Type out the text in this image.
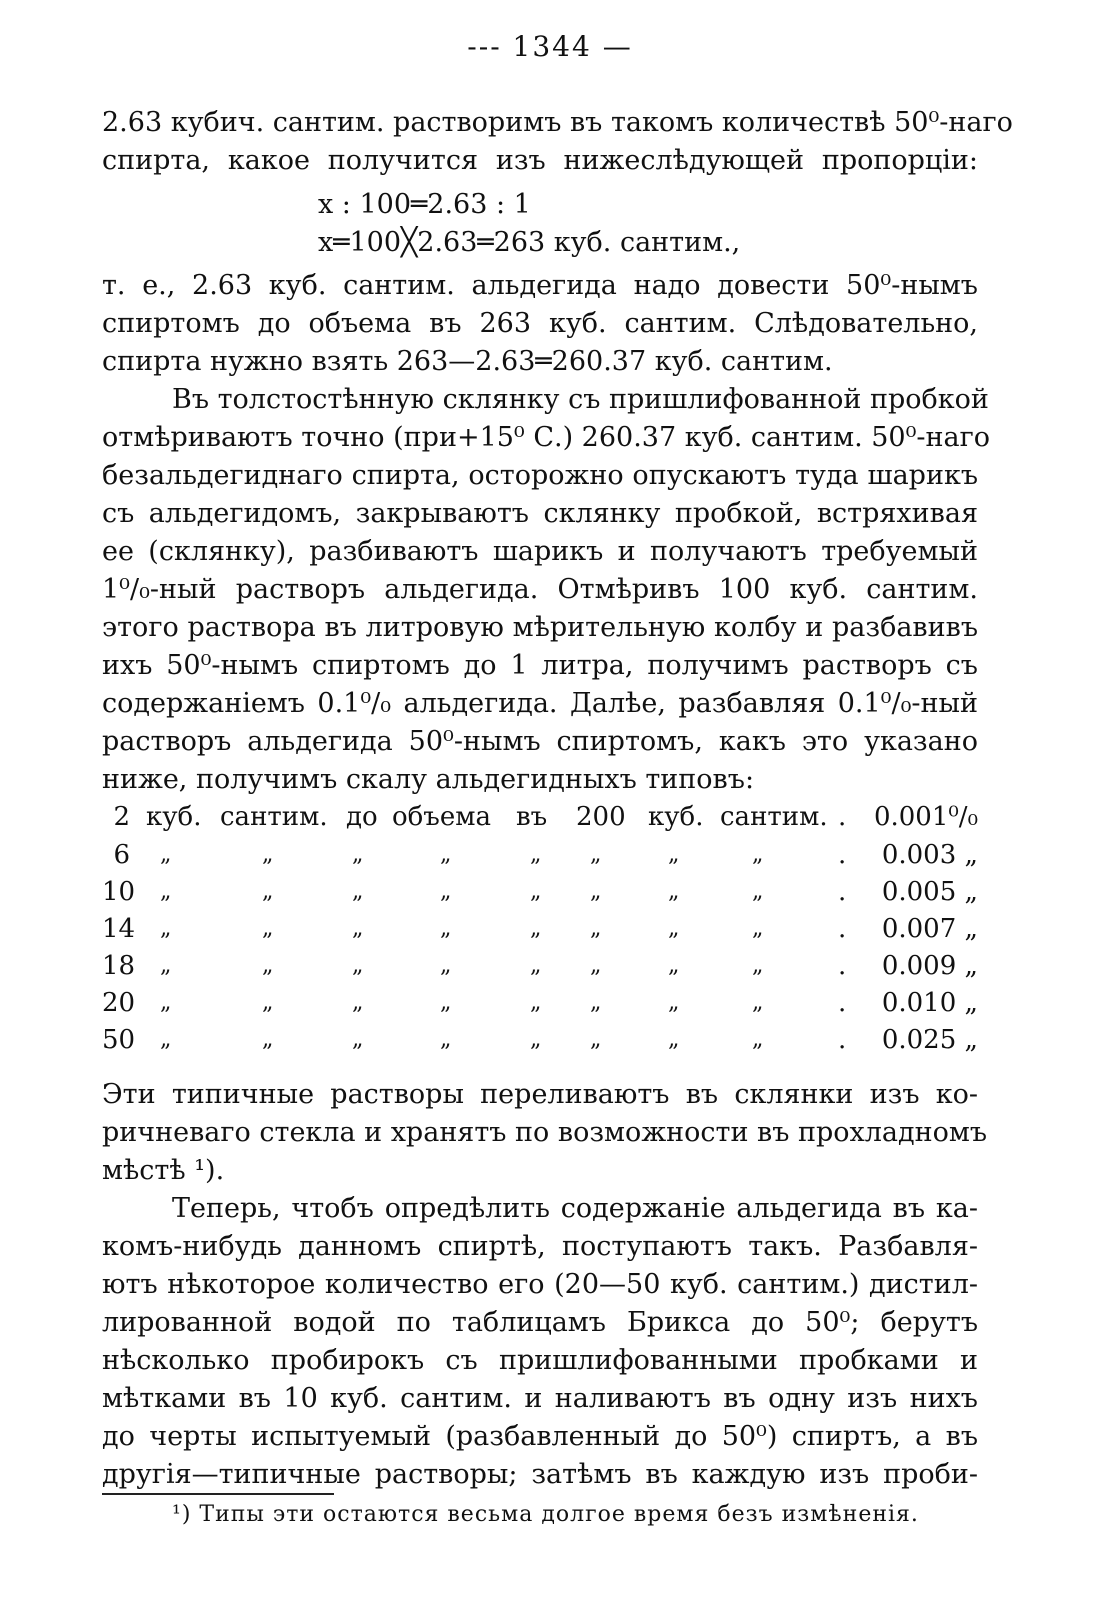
--- 1344 —
2.63 кубич. сантим. растворимъ въ такомъ количествѣ 50⁰-наго
спирта, какое получится изъ нижеслѣдующей пропорціи:
x : 100═2.63 : 1
x═100╳2.63═263 куб. сантим.,
т. е., 2.63 куб. сантим. альдегида надо довести 50⁰-нымъ
спиртомъ до объема въ 263 куб. сантим. Слѣдовательно,
спирта нужно взять 263—2.63═260.37 куб. сантим.
Въ толстостѣнную склянку съ пришлифованной пробкой
отмѣриваютъ точно (при+15⁰ С.) 260.37 куб. сантим. 50⁰-наго
безальдегиднаго спирта, осторожно опускаютъ туда шарикъ
съ альдегидомъ, закрываютъ склянку пробкой, встряхивая
ее (склянку), разбиваютъ шарикъ и получаютъ требуемый
1⁰/₀-ный растворъ альдегида. Отмѣривъ 100 куб. сантим.
этого раствора въ литровую мѣрительную колбу и разбавивъ
ихъ 50⁰-нымъ спиртомъ до 1 литра, получимъ растворъ съ
содержаніемъ 0.1⁰/₀ альдегида. Далѣе, разбавляя 0.1⁰/₀-ный
растворъ альдегида 50⁰-нымъ спиртомъ, какъ это указано
ниже, получимъ скалу альдегидныхъ типовъ:
2 куб. сантим. до объема въ 200 куб. сантим. . 0.001⁰/₀
6 „	„	„	„	„ „	„	„	. 0.003 „
10 „	„	„	„	„ „	„	„	. 0.005 „
14 „	„	„	„	„ „	„	„	. 0.007 „
18 „	„	„	„	„ „	„	„	. 0.009 „
20 „	„	„	„	„ „	„	„	. 0.010 „
50 „	„	„	„	„ „	„	„	. 0.025 „
Эти типичные растворы переливаютъ въ склянки изъ ко-
ричневаго стекла и хранятъ по возможности въ прохладномъ
мѣстѣ ¹).
Теперь, чтобъ опредѣлить содержаніе альдегида въ ка-
комъ-нибудь данномъ спиртѣ, поступаютъ такъ. Разбавля-
ютъ нѣкоторое количество его (20—50 куб. сантим.) дистил-
лированной водой по таблицамъ Брикса до 50⁰; берутъ
нѣсколько пробирокъ съ пришлифованными пробками и
мѣтками въ 10 куб. сантим. и наливаютъ въ одну изъ нихъ
до черты испытуемый (разбавленный до 50⁰) спиртъ, а въ
другія—типичные растворы; затѣмъ въ каждую изъ проби-
¹) Типы эти остаются весьма долгое время безъ измѣненія.
